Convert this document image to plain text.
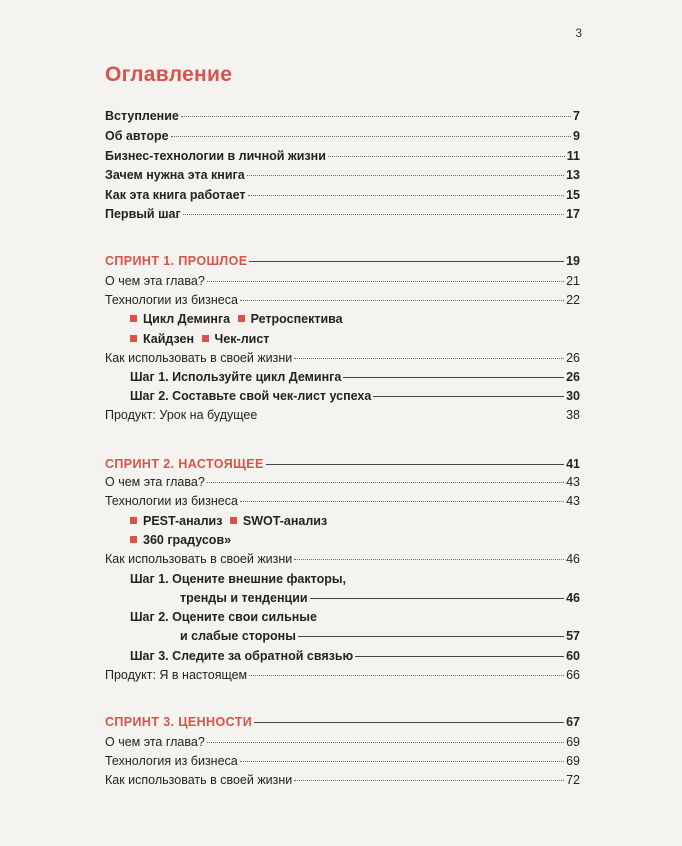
3
Оглавление
Вступление	7
Об авторе	9
Бизнес-технологии в личной жизни	11
Зачем нужна эта книга	13
Как эта книга работает	15
Первый шаг	17
СПРИНТ 1. ПРОШЛОЕ	19
О чем эта глава?	21
Технологии из бизнеса	22
Цикл Деминга Ретроспектива
Кайдзен Чек-лист
Как использовать в своей жизни	26
Шаг 1. Используйте цикл Деминга	26
Шаг 2. Составьте свой чек-лист успеха	30
Продукт: Урок на будущее	38
СПРИНТ 2. НАСТОЯЩЕЕ	41
О чем эта глава?	43
Технологии из бизнеса	43
PEST-анализ SWOT-анализ
360 градусов»
Как использовать в своей жизни	46
Шаг 1. Оцените внешние факторы,
тренды и тенденции	46
Шаг 2. Оцените свои сильные
и слабые стороны	57
Шаг 3. Следите за обратной связью	60
Продукт: Я в настоящем	66
СПРИНТ 3. ЦЕННОСТИ	67
О чем эта глава?	69
Технология из бизнеса	69
Как использовать в своей жизни	72
